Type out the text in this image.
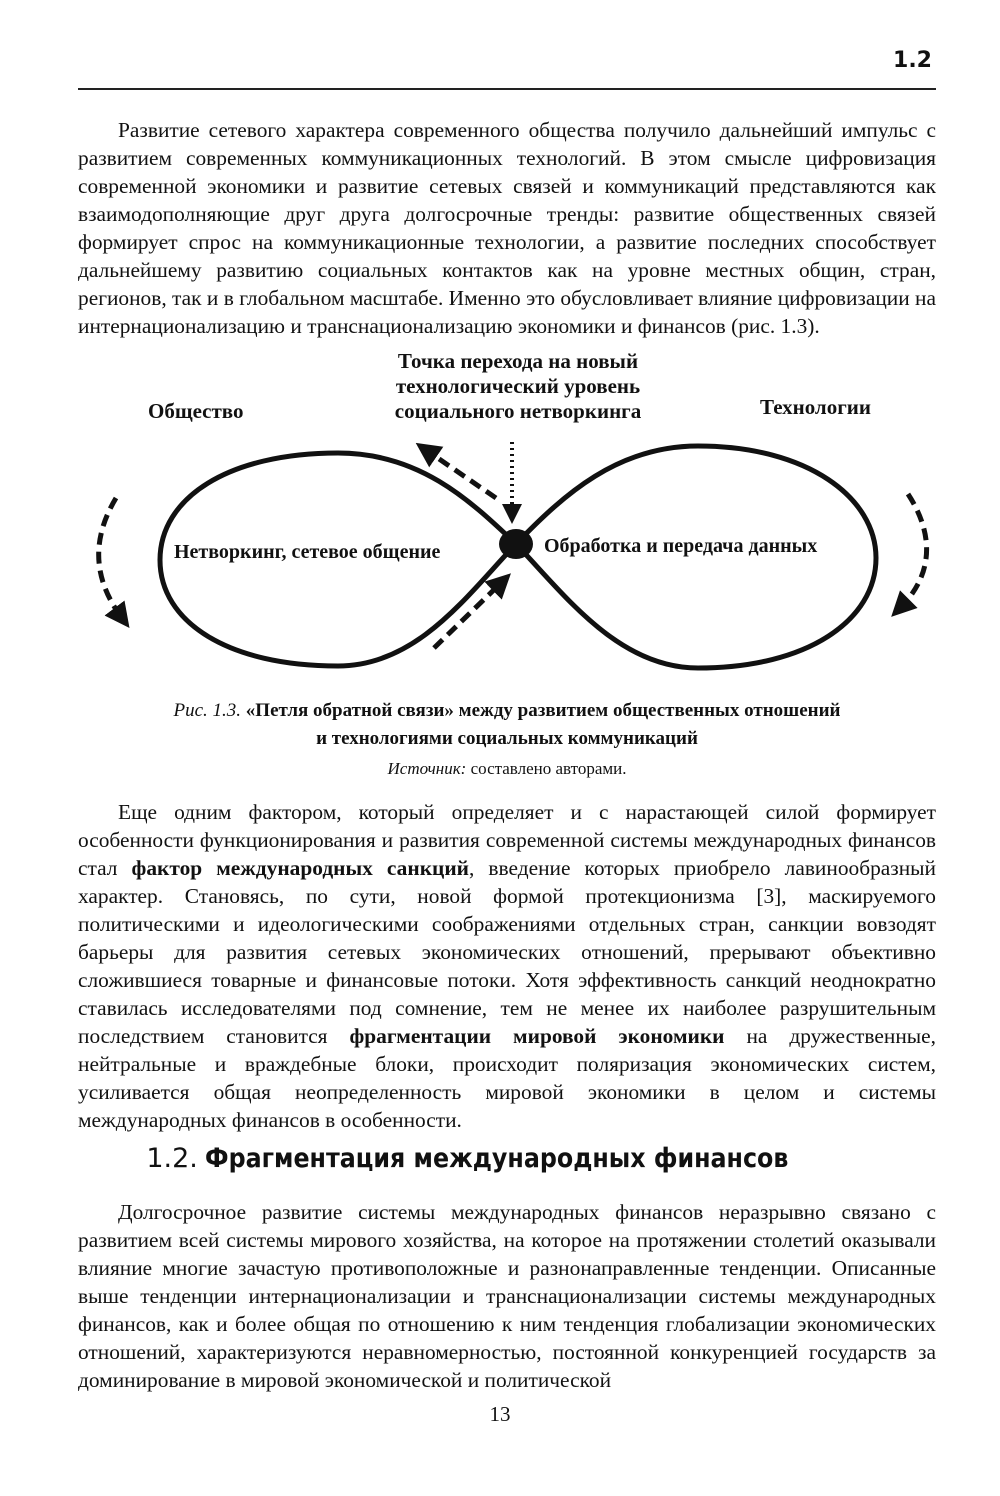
1.2

Развитие сетевого характера современного общества получило дальнейший импульс с развитием современных коммуникационных технологий. В этом смысле цифровизация современной экономики и развитие сетевых связей и коммуникаций представляются как взаимодополняющие друг друга долгосрочные тренды: развитие общественных связей формирует спрос на коммуникационные технологии, а развитие последних способствует дальнейшему развитию социальных контактов как на уровне местных общин, стран, регионов, так и в глобальном масштабе. Именно это обусловливает влияние цифровизации на интернационализацию и транснационализацию экономики и финансов (рис. 1.3).

Точка перехода на новый
технологический уровень
социального нетворкинга
Общество	Технологии
Нетворкинг, сетевое общение	Обработка и передача данных
Рис. 1.3. «Петля обратной связи» между развитием общественных отношений
и технологиями социальных коммуникаций
Источник: составлено авторами.

Еще одним фактором, который определяет и с нарастающей силой формирует особенности функционирования и развития современной системы международных финансов стал фактор международных санкций, введение которых приобрело лавинообразный характер. Становясь, по сути, новой формой протекционизма [3], маскируемого политическими и идеологическими соображениями отдельных стран, санкции вовзодят барьеры для развития сетевых экономических отношений, прерывают объективно сложившиеся товарные и финансовые потоки. Хотя эффективность санкций неоднократно ставилась исследователями под сомнение, тем не менее их наиболее разрушительным последствием становится фрагментации мировой экономики на дружественные, нейтральные и враждебные блоки, происходит поляризация экономических систем, усиливается общая неопределенность мировой экономики в целом и системы международных финансов в особенности.

1.2. Фрагментация международных финансов

Долгосрочное развитие системы международных финансов неразрывно связано с развитием всей системы мирового хозяйства, на которое на протяжении столетий оказывали влияние многие зачастую противоположные и разнонаправленные тенденции. Описанные выше тенденции интернационализации и транснационализации системы международных финансов, как и более общая по отношению к ним тенденция глобализации экономических отношений, характеризуются неравномерностью, постоянной конкуренцией государств за доминирование в мировой экономической и политической

13
